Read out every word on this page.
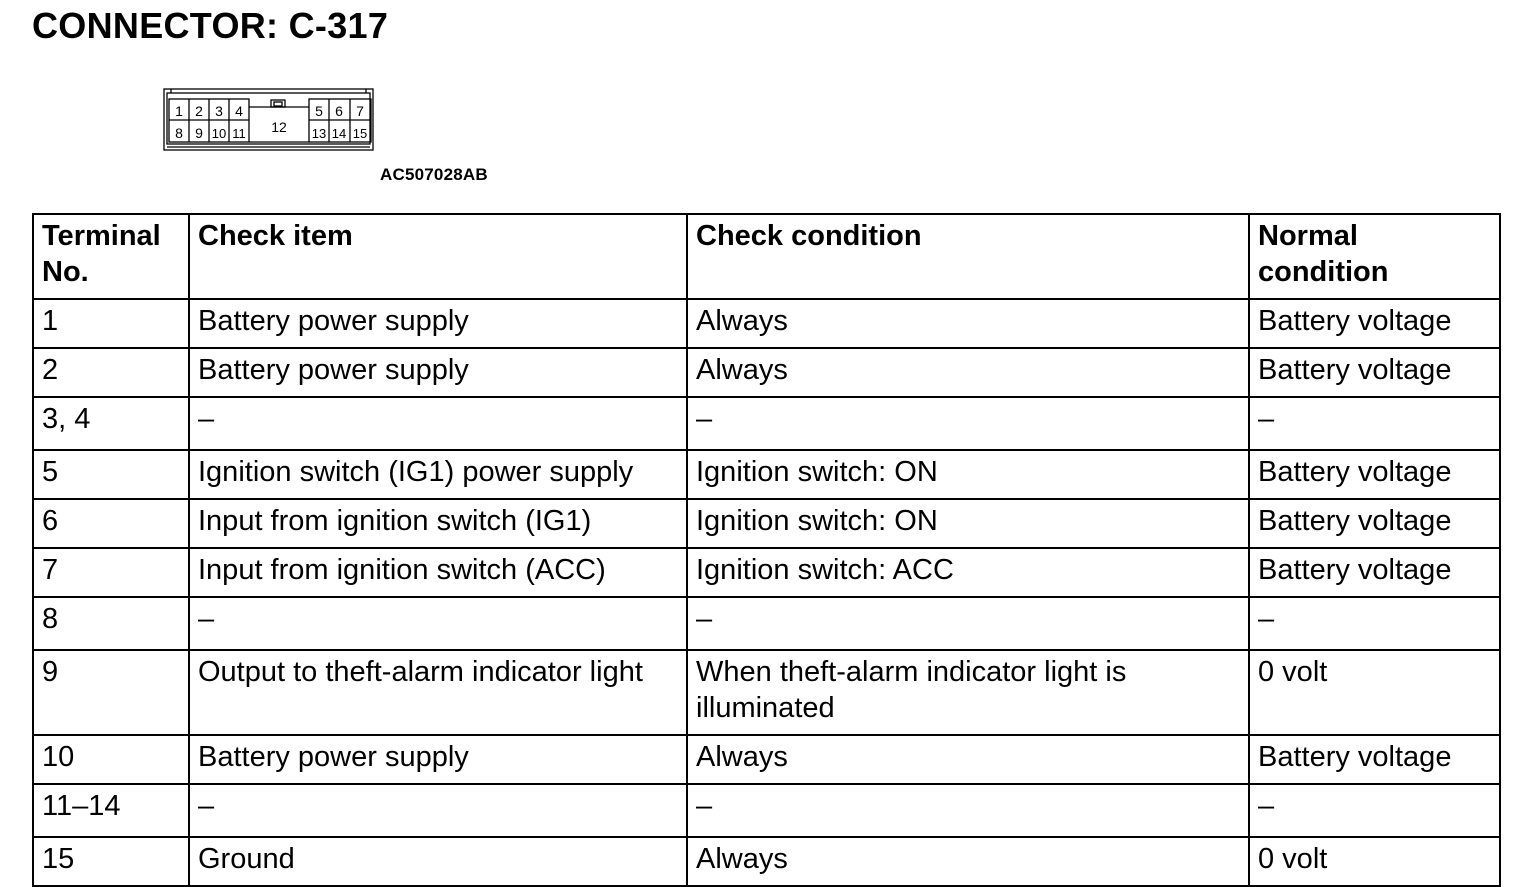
CONNECTOR: C-317
1 2 3 4	5 6 7
8 9 10 11	13 14 15
12
AC507028AB
Terminal No.	Check item	Check condition	Normal condition
1	Battery power supply	Always	Battery voltage
2	Battery power supply	Always	Battery voltage
3, 4	–	–	–
5	Ignition switch (IG1) power supply	Ignition switch: ON	Battery voltage
6	Input from ignition switch (IG1)	Ignition switch: ON	Battery voltage
7	Input from ignition switch (ACC)	Ignition switch: ACC	Battery voltage
8	–	–	–
9	Output to theft-alarm indicator light	When theft-alarm indicator light is illuminated	0 volt
10	Battery power supply	Always	Battery voltage
11–14	–	–	–
15	Ground	Always	0 volt
